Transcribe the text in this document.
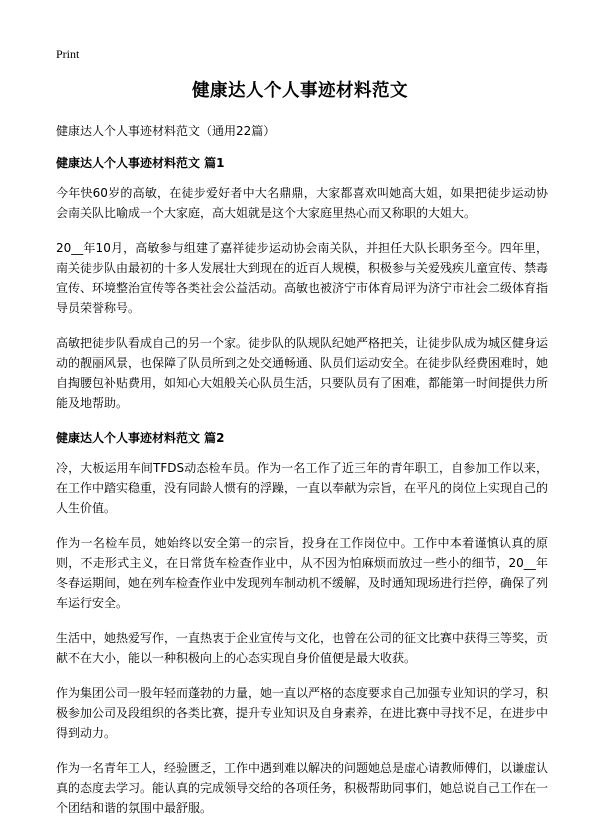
Print
健康达人个人事迹材料范文
健康达人个人事迹材料范文（通用22篇）
健康达人个人事迹材料范文 篇1

今年快60岁的高敏，在徒步爱好者中大名鼎鼎，大家都喜欢叫她高大姐，如果把徒步运动协会南关队比喻成一个大家庭，高大姐就是这个大家庭里热心而又称职的大姐大。

20__年10月，高敏参与组建了嘉祥徒步运动协会南关队，并担任大队长职务至今。四年里，南关徒步队由最初的十多人发展壮大到现在的近百人规模，积极参与关爱残疾儿童宣传、禁毒宣传、环境整治宣传等各类社会公益活动。高敏也被济宁市体育局评为济宁市社会二级体育指导员荣誉称号。

高敏把徒步队看成自己的另一个家。徒步队的队规队纪她严格把关，让徒步队成为城区健身运动的靓丽风景，也保障了队员所到之处交通畅通、队员们运动安全。在徒步队经费困难时，她自掏腰包补贴费用，如知心大姐般关心队员生活，只要队员有了困难，都能第一时间提供力所能及地帮助。

健康达人个人事迹材料范文 篇2

冷，大板运用车间TFDS动态检车员。作为一名工作了近三年的青年职工，自参加工作以来，在工作中踏实稳重，没有同龄人惯有的浮躁，一直以奉献为宗旨，在平凡的岗位上实现自己的人生价值。

作为一名检车员，她始终以安全第一的宗旨，投身在工作岗位中。工作中本着谨慎认真的原则，不走形式主义，在日常货车检查作业中，从不因为怕麻烦而放过一些小的细节，20__年冬春运期间，她在列车检查作业中发现列车制动机不缓解，及时通知现场进行拦停，确保了列车运行安全。

生活中，她热爱写作，一直热衷于企业宣传与文化，也曾在公司的征文比赛中获得三等奖，贡献不在大小，能以一种积极向上的心态实现自身价值便是最大收获。

作为集团公司一股年轻而蓬勃的力量，她一直以严格的态度要求自己加强专业知识的学习，积极参加公司及段组织的各类比赛，提升专业知识及自身素养，在进比赛中寻找不足，在进步中得到动力。

作为一名青年工人，经验匮乏，工作中遇到难以解决的问题她总是虚心请教师傅们，以谦虚认真的态度去学习。能认真的完成领导交给的各项任务，积极帮助同事们，她总说自己工作在一个团结和谐的氛围中最舒服。
